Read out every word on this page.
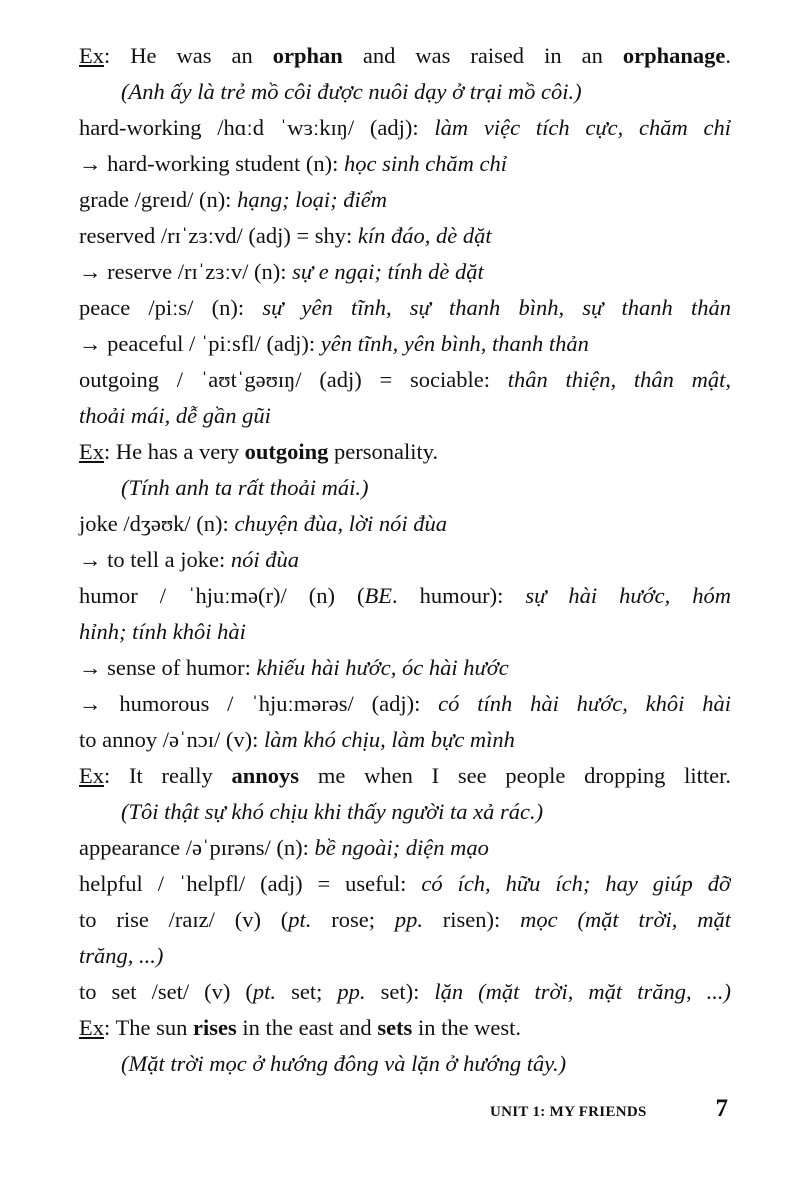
Ex: He was an orphan and was raised in an orphanage.
(Anh ấy là trẻ mồ côi được nuôi dạy ở trại mồ côi.)
hard-working /hɑːd ˈwɜːkɪŋ/ (adj): làm việc tích cực, chăm chỉ
→ hard-working student (n): học sinh chăm chỉ
grade /greɪd/ (n): hạng; loại; điểm
reserved /rɪˈzɜːvd/ (adj) = shy: kín đáo, dè dặt
→ reserve /rɪˈzɜːv/ (n): sự e ngại; tính dè dặt
peace /piːs/ (n): sự yên tĩnh, sự thanh bình, sự thanh thản
→ peaceful / ˈpiːsfl/ (adj): yên tĩnh, yên bình, thanh thản
outgoing / ˈaʊtˈgəʊɪŋ/ (adj) = sociable: thân thiện, thân mật,
thoải mái, dễ gần gũi
Ex: He has a very outgoing personality.
(Tính anh ta rất thoải mái.)
joke /dʒəʊk/ (n): chuyện đùa, lời nói đùa
→ to tell a joke: nói đùa
humor / ˈhjuːmə(r)/ (n) (BE. humour): sự hài hước, hóm
hỉnh; tính khôi hài
→ sense of humor: khiếu hài hước, óc hài hước
→ humorous / ˈhjuːmərəs/ (adj): có tính hài hước, khôi hài
to annoy /əˈnɔɪ/ (v): làm khó chịu, làm bực mình
Ex: It really annoys me when I see people dropping litter.
(Tôi thật sự khó chịu khi thấy người ta xả rác.)
appearance /əˈpɪrəns/ (n): bề ngoài; diện mạo
helpful / ˈhelpfl/ (adj) = useful: có ích, hữu ích; hay giúp đỡ
to rise /raɪz/ (v) (pt. rose; pp. risen): mọc (mặt trời, mặt
trăng, ...)
to set /set/ (v) (pt. set; pp. set): lặn (mặt trời, mặt trăng, ...)
Ex: The sun rises in the east and sets in the west.
(Mặt trời mọc ở hướng đông và lặn ở hướng tây.)
UNIT 1: MY FRIENDS	7
